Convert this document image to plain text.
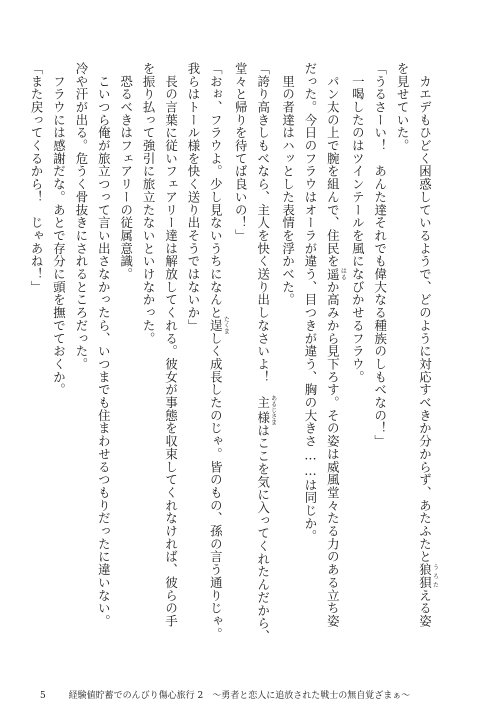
　カエデもひどく困惑しているようで、どのように対応すべきか分からず、あたふたと狼狽 うろたえる姿
を見せていた。
「うるさーい！　あんた達それでも偉大なる種族のしもべなの！」
　一喝したのはツインテールを風になびかせるフラウ。
　パン太の上で腕を組んで、住民を遥 はるか高みから見下ろす。その姿は威風堂々たる力のある立ち姿
だった。今日のフラウはオーラが違う、目つきが違う、胸の大きさ……は同じか。
　里の者達はハッとした表情を浮かべた。
「誇り高きしもべなら、主人を快く送り出しなさいよ！　主様 あるじさまはここを気に入ってくれたんだから、
堂々と帰りを待てば良いの！」
「おぉ、フラウよ。少し見ないうちになんと逞 たくましく成長したのじゃ。皆のもの、孫の言う通りじゃ。
我らはトール様を快く送り出そうではないか」
　長の言葉に従いフェアリー達は解放してくれる。彼女が事態を収束してくれなければ、彼らの手
を振り払って強引に旅立たないといけなかった。
　恐るべきはフェアリーの従属意識。
　こいつら俺が旅立つって言い出さなかったら、いつまでも住まわせるつもりだったに違いない。
冷や汗が出る。危うく骨抜きにされるところだった。
　フラウには感謝だな。あとで存分に頭を撫でておくか。
「また戻ってくるから！　じゃあね！」
5	経験値貯蓄でのんびり傷心旅行 2　～勇者と恋人に追放された戦士の無自覚ざまぁ～
